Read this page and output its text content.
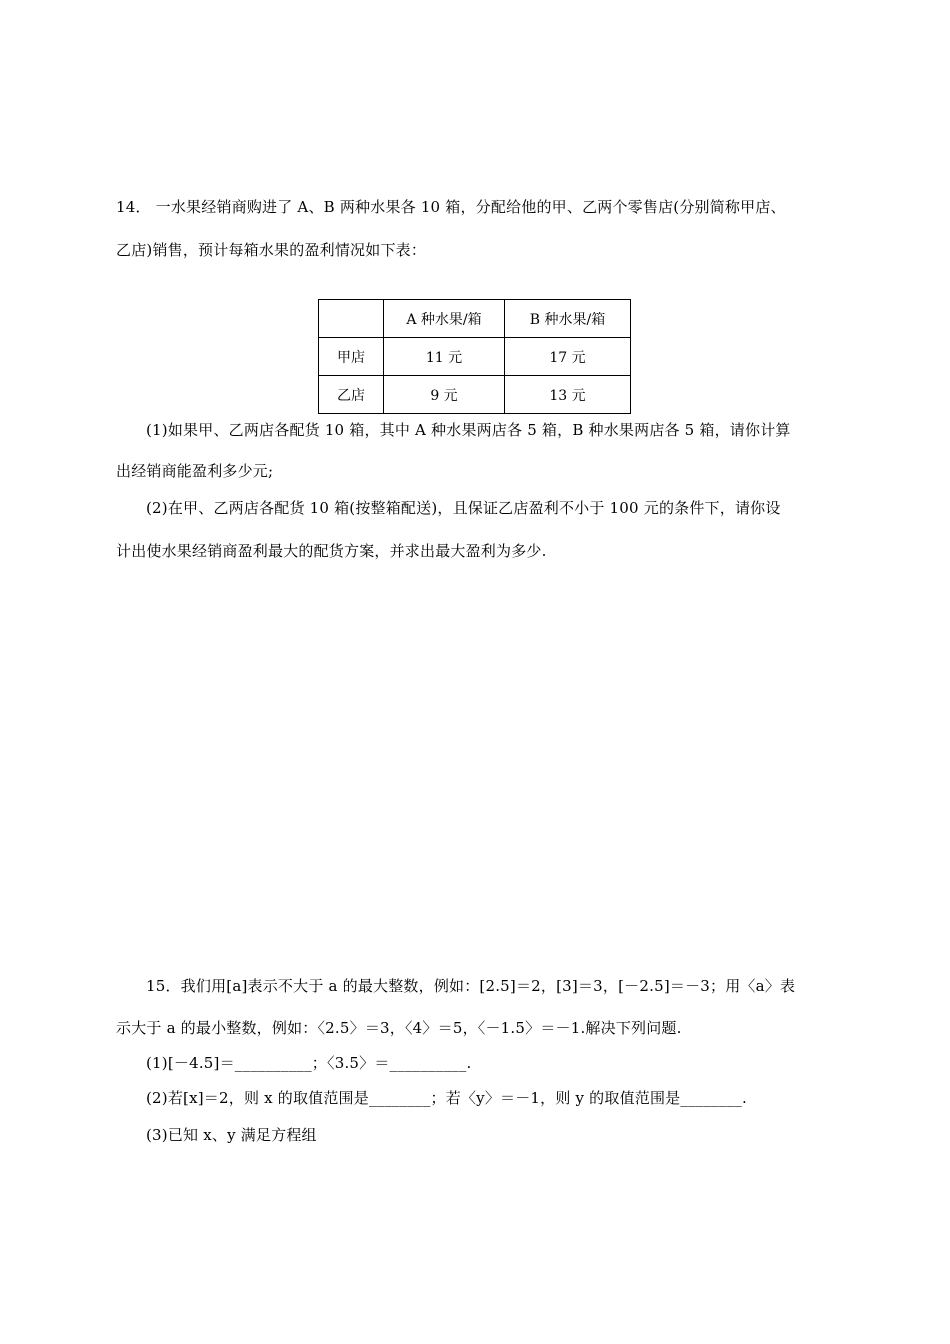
14． 一水果经销商购进了 A、B 两种水果各 10 箱，分配给他的甲、乙两个零售店(分别简称甲店、
乙店)销售，预计每箱水果的盈利情况如下表：
	A 种水果/箱	B 种水果/箱
甲店	11 元	17 元
乙店	9 元	13 元
(1)如果甲、乙两店各配货 10 箱，其中 A 种水果两店各 5 箱，B 种水果两店各 5 箱，请你计算
出经销商能盈利多少元;
(2)在甲、乙两店各配货 10 箱(按整箱配送)，且保证乙店盈利不小于 100 元的条件下，请你设
计出使水果经销商盈利最大的配货方案，并求出最大盈利为多少.
15．我们用[a]表示不大于 a 的最大整数，例如：[2.5]＝2，[3]＝3，[－2.5]＝－3；用〈a〉表
示大于 a 的最小整数，例如：〈2.5〉＝3，〈4〉＝5，〈－1.5〉＝－1.解决下列问题.
(1)[－4.5]＝__________；〈3.5〉＝__________.
(2)若[x]＝2，则 x 的取值范围是________；若〈y〉＝－1，则 y 的取值范围是________.
(3)已知 x、y 满足方程组
